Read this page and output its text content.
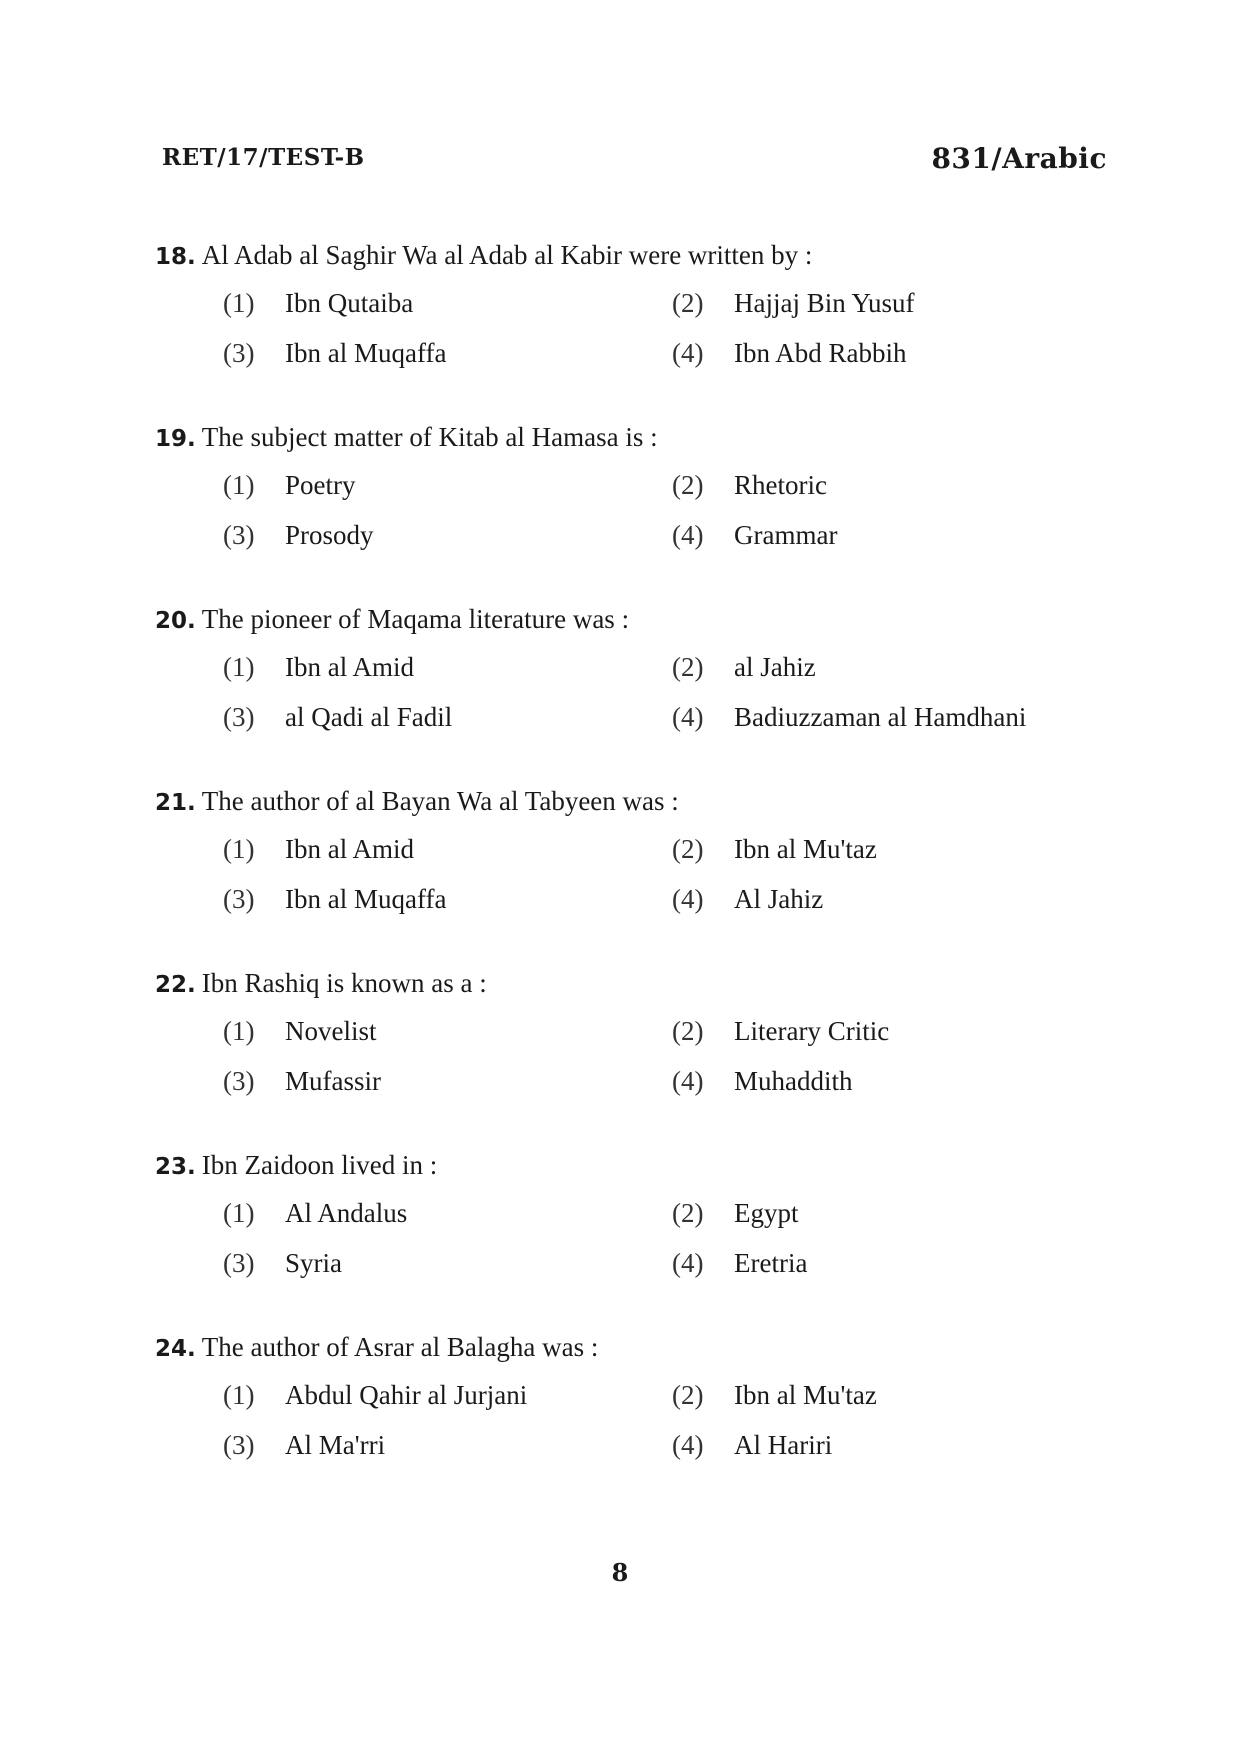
RET/17/TEST-B	831/Arabic
18. Al Adab al Saghir Wa al Adab al Kabir were written by :
(1) Ibn Qutaiba	(2) Hajjaj Bin Yusuf
(3) Ibn al Muqaffa	(4) Ibn Abd Rabbih
19. The subject matter of Kitab al Hamasa is :
(1) Poetry	(2) Rhetoric
(3) Prosody	(4) Grammar
20. The pioneer of Maqama literature was :
(1) Ibn al Amid	(2) al Jahiz
(3) al Qadi al Fadil	(4) Badiuzzaman al Hamdhani
21. The author of al Bayan Wa al Tabyeen was :
(1) Ibn al Amid	(2) Ibn al Mu'taz
(3) Ibn al Muqaffa	(4) Al Jahiz
22. Ibn Rashiq is known as a :
(1) Novelist	(2) Literary Critic
(3) Mufassir	(4) Muhaddith
23. Ibn Zaidoon lived in :
(1) Al Andalus	(2) Egypt
(3) Syria	(4) Eretria
24. The author of Asrar al Balagha was :
(1) Abdul Qahir al Jurjani	(2) Ibn al Mu'taz
(3) Al Ma'rri	(4) Al Hariri
8
